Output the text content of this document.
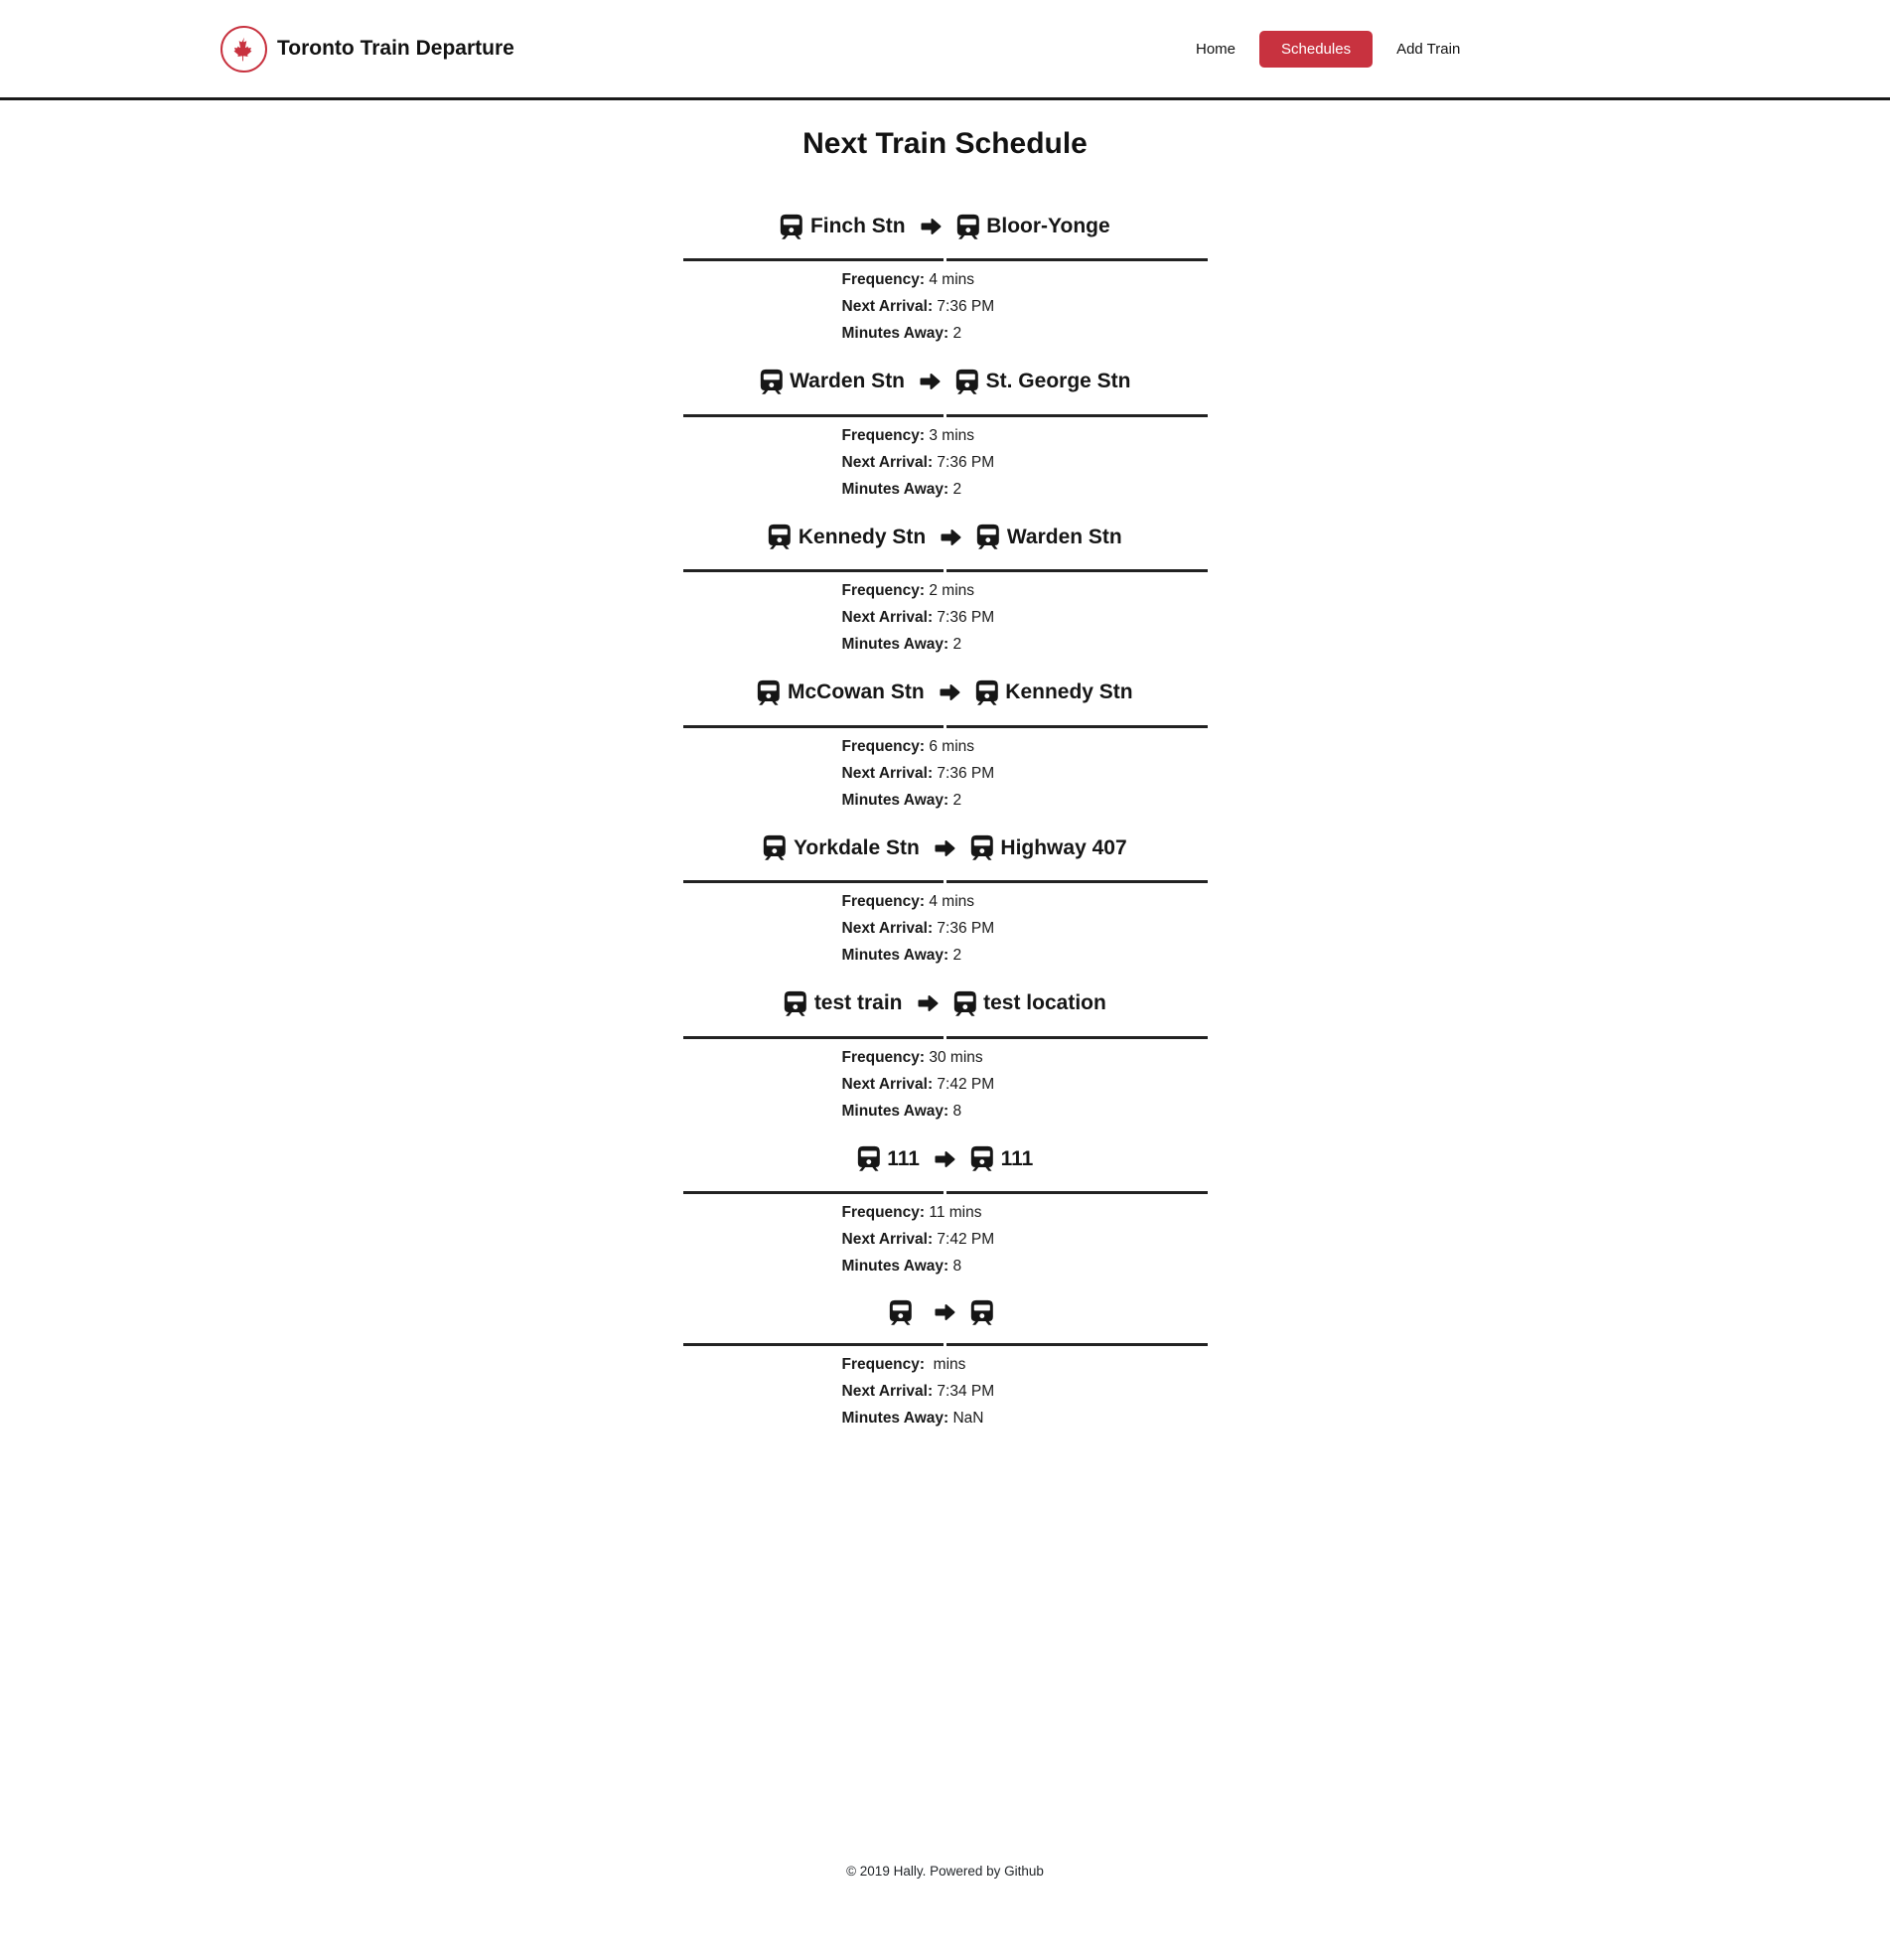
Toronto Train Departure	Home	Schedules	Add Train
Next Train Schedule
Finch Stn	Bloor-Yonge

Frequency: 4 mins

Next Arrival: 7:36 PM

Minutes Away: 2

Warden Stn	St. George Stn

Frequency: 3 mins

Next Arrival: 7:36 PM

Minutes Away: 2

Kennedy Stn	Warden Stn

Frequency: 2 mins

Next Arrival: 7:36 PM

Minutes Away: 2

McCowan Stn	Kennedy Stn

Frequency: 6 mins

Next Arrival: 7:36 PM

Minutes Away: 2

Yorkdale Stn	Highway 407

Frequency: 4 mins

Next Arrival: 7:36 PM

Minutes Away: 2

test train	test location

Frequency: 30 mins

Next Arrival: 7:42 PM

Minutes Away: 8

111	111

Frequency: 11 mins

Next Arrival: 7:42 PM

Minutes Away: 8

Frequency:  mins

Next Arrival: 7:34 PM

Minutes Away: NaN

© 2019 Hally. Powered by Github
